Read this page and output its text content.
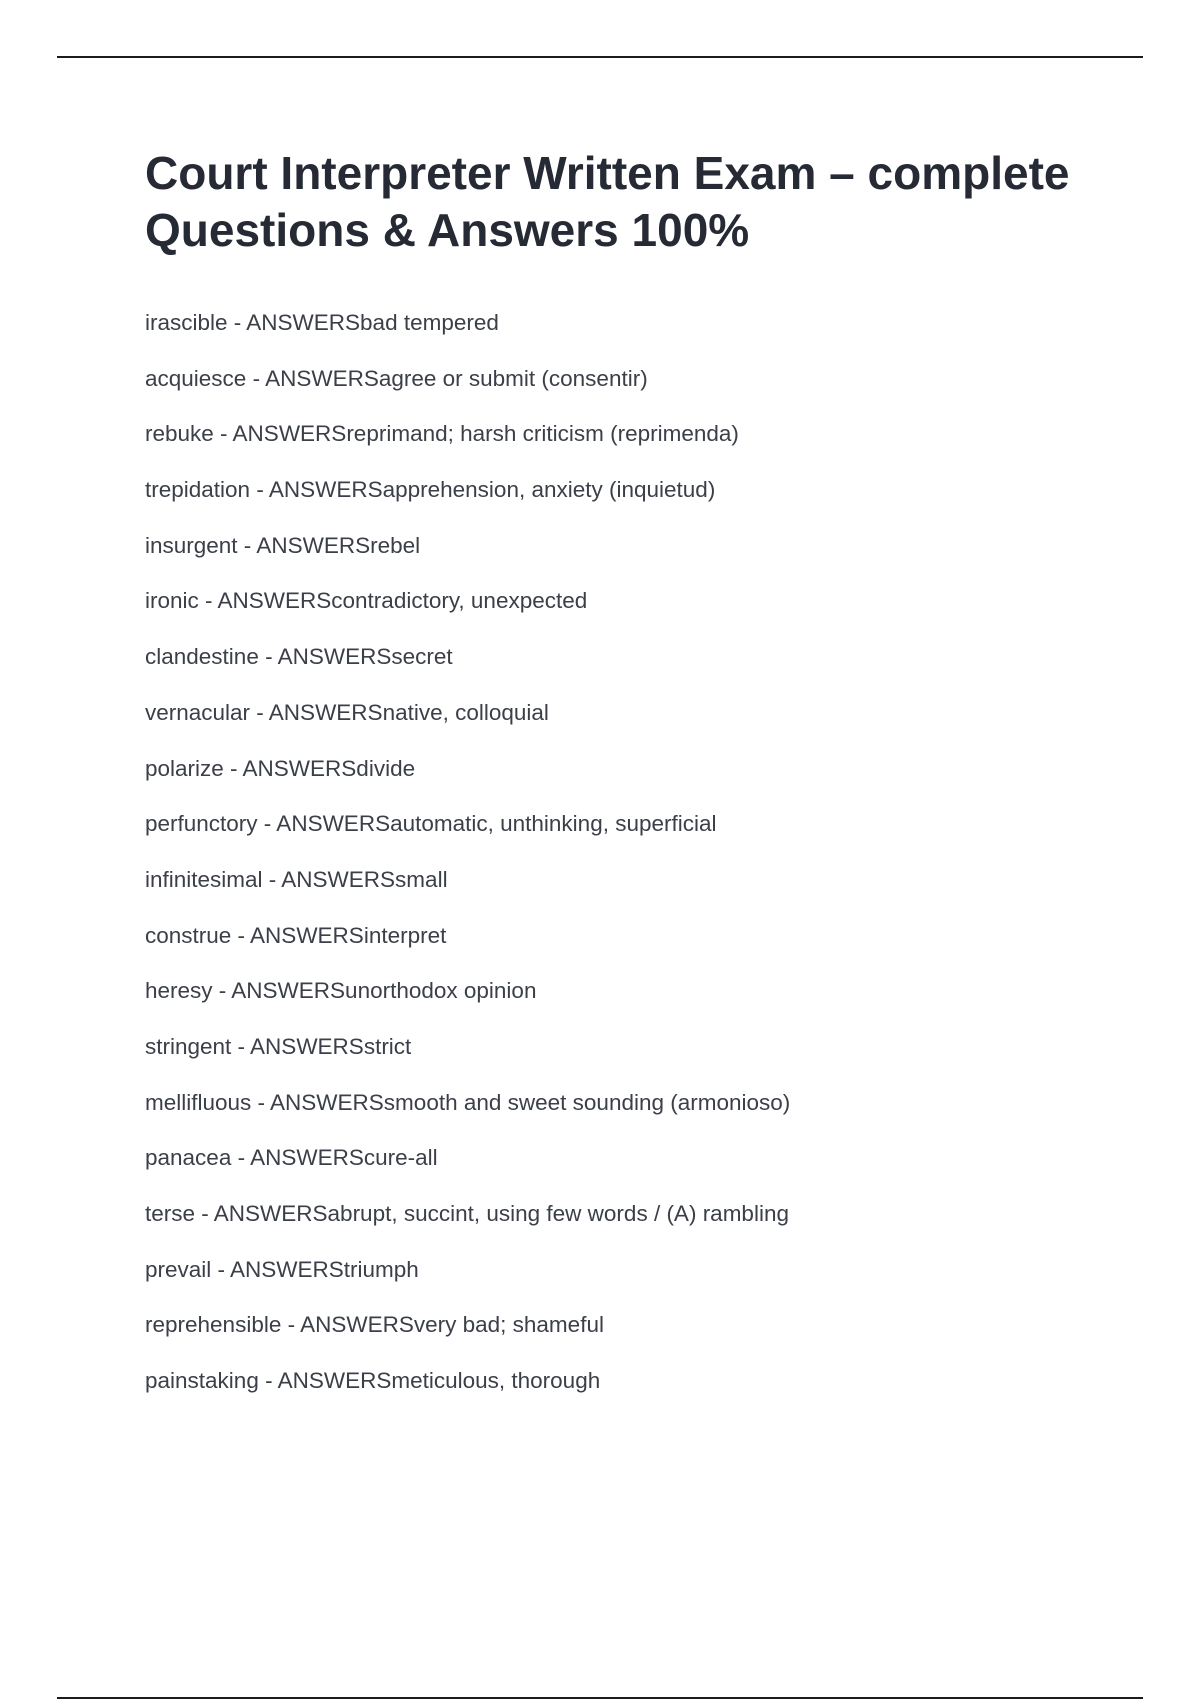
Court Interpreter Written Exam – complete Questions & Answers 100%
irascible - ANSWERSbad tempered
acquiesce - ANSWERSagree or submit (consentir)
rebuke - ANSWERSreprimand; harsh criticism (reprimenda)
trepidation - ANSWERSapprehension, anxiety (inquietud)
insurgent - ANSWERSrebel
ironic - ANSWERScontradictory, unexpected
clandestine - ANSWERSsecret
vernacular - ANSWERSnative, colloquial
polarize - ANSWERSdivide
perfunctory - ANSWERSautomatic, unthinking, superficial
infinitesimal - ANSWERSsmall
construe - ANSWERSinterpret
heresy - ANSWERSunorthodox opinion
stringent - ANSWERSstrict
mellifluous - ANSWERSsmooth and sweet sounding (armonioso)
panacea - ANSWERScure-all
terse - ANSWERSabrupt, succint, using few words / (A) rambling
prevail - ANSWERStriumph
reprehensible - ANSWERSvery bad; shameful
painstaking - ANSWERSmeticulous, thorough
